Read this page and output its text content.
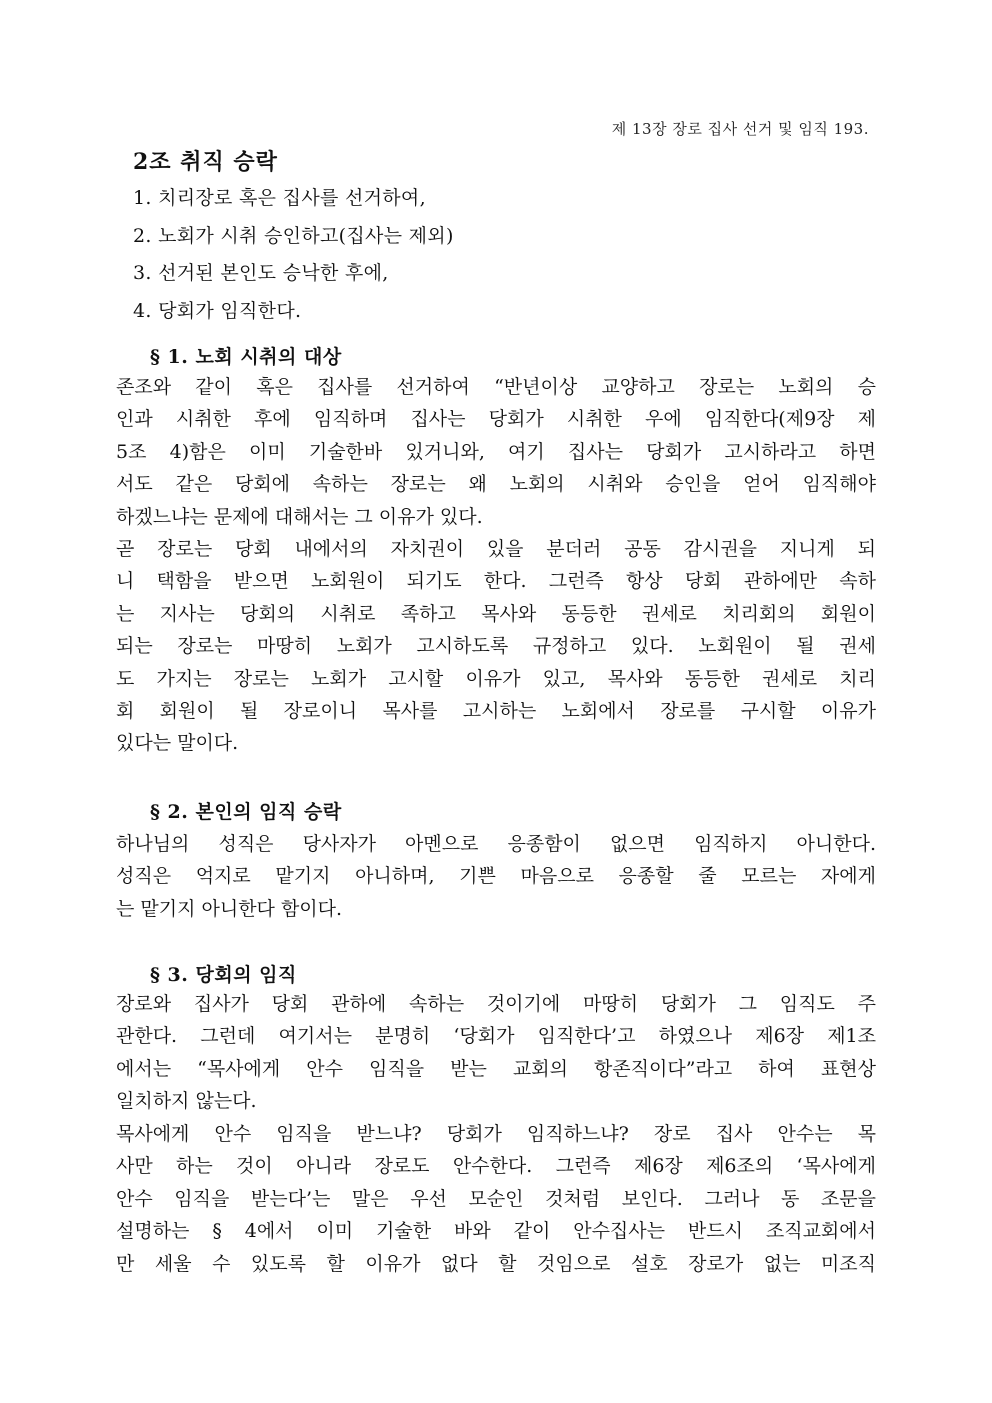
제 13장 장로 집사 선거 및 임직 193.
2조 취직 승락
1. 치리장로 혹은 집사를 선거하여,
2. 노회가 시취 승인하고(집사는 제외)
3. 선거된 본인도 승낙한 후에,
4. 당회가 임직한다.
§ 1. 노회 시취의 대상
존조와 같이 혹은 집사를 선거하여 “반년이상 교양하고 장로는 노회의 승
인과 시취한 후에 임직하며 집사는 당회가 시취한 우에 임직한다(제9장 제
5조 4)함은 이미 기술한바 있거니와, 여기 집사는 당회가 고시하라고 하면
서도 같은 당회에 속하는 장로는 왜 노회의 시취와 승인을 얻어 임직해야
하겠느냐는 문제에 대해서는 그 이유가 있다.
곧 장로는 당회 내에서의 자치권이 있을 분더러 공동 감시권을 지니게 되
니 택함을 받으면 노회원이 되기도 한다. 그런즉 항상 당회 관하에만 속하
는 지사는 당회의 시취로 족하고 목사와 동등한 권세로 치리회의 회원이
되는 장로는 마땅히 노회가 고시하도록 규정하고 있다. 노회원이 될 권세
도 가지는 장로는 노회가 고시할 이유가 있고, 목사와 동등한 권세로 치리
회 회원이 될 장로이니 목사를 고시하는 노회에서 장로를 구시할 이유가
있다는 말이다.
§ 2. 본인의 임직 승락
하나님의 성직은 당사자가 아멘으로 응종함이 없으면 임직하지 아니한다.
성직은 억지로 맡기지 아니하며, 기쁜 마음으로 응종할 줄 모르는 자에게
는 맡기지 아니한다 함이다.
§ 3. 당회의 임직
장로와 집사가 당회 관하에 속하는 것이기에 마땅히 당회가 그 임직도 주
관한다. 그런데 여기서는 분명히 ‘당회가 임직한다’고 하였으나 제6장 제1조
에서는 “목사에게 안수 임직을 받는 교회의 항존직이다”라고 하여 표현상
일치하지 않는다.
목사에게 안수 임직을 받느냐? 당회가 임직하느냐? 장로 집사 안수는 목
사만 하는 것이 아니라 장로도 안수한다. 그런즉 제6장 제6조의 ‘목사에게
안수 임직을 받는다’는 말은 우선 모순인 것처럼 보인다. 그러나 동 조문을
설명하는 § 4에서 이미 기술한 바와 같이 안수집사는 반드시 조직교회에서
만 세울 수 있도록 할 이유가 없다 할 것임으로 설호 장로가 없는 미조직
